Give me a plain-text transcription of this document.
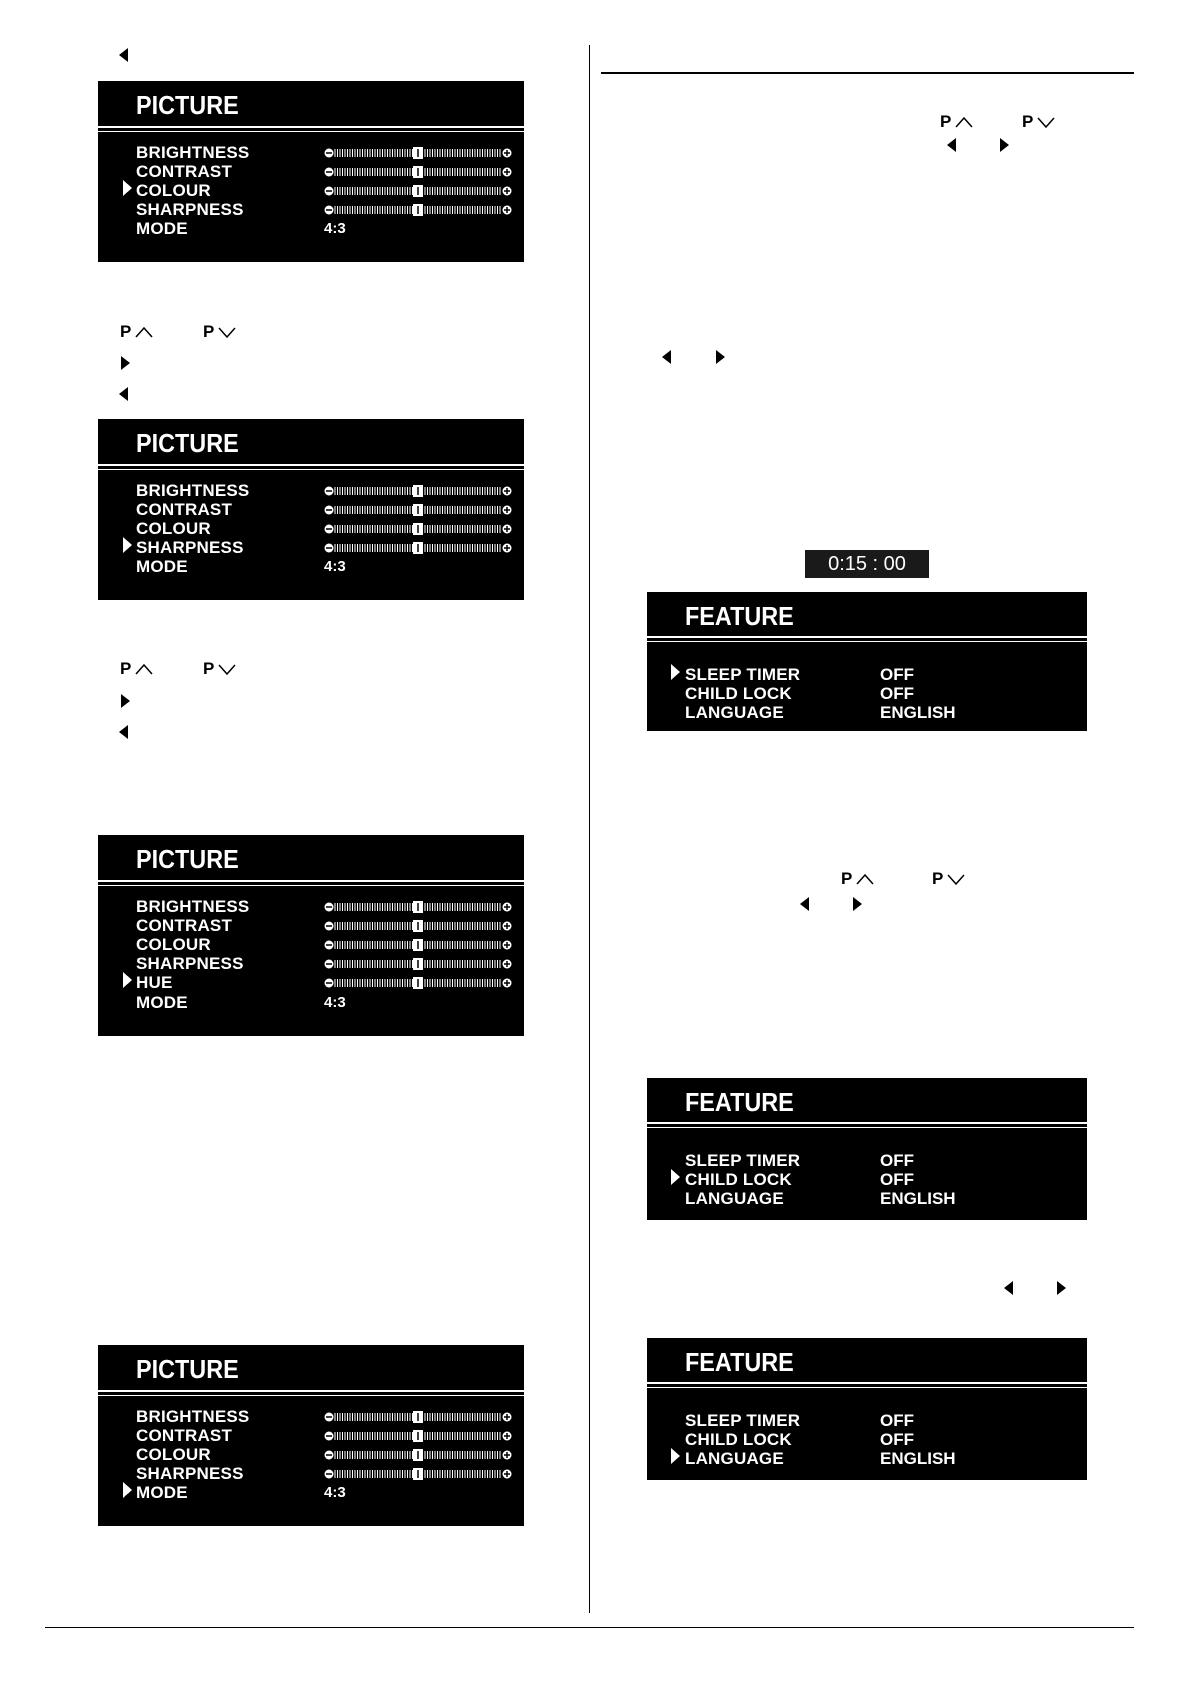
PICTURE
BRIGHTNESS
CONTRAST
COLOUR
SHARPNESS
MODE	4:3
P	P
PICTURE
BRIGHTNESS
CONTRAST
COLOUR
SHARPNESS
MODE	4:3
P	P
PICTURE
BRIGHTNESS
CONTRAST
COLOUR
SHARPNESS
HUE
MODE	4:3
PICTURE
BRIGHTNESS
CONTRAST
COLOUR
SHARPNESS
MODE	4:3
P	P
0:15 : 00
FEATURE
SLEEP TIMER	OFF
CHILD LOCK	OFF
LANGUAGE	ENGLISH
P	P
FEATURE
SLEEP TIMER	OFF
CHILD LOCK	OFF
LANGUAGE	ENGLISH
FEATURE
SLEEP TIMER	OFF
CHILD LOCK	OFF
LANGUAGE	ENGLISH
